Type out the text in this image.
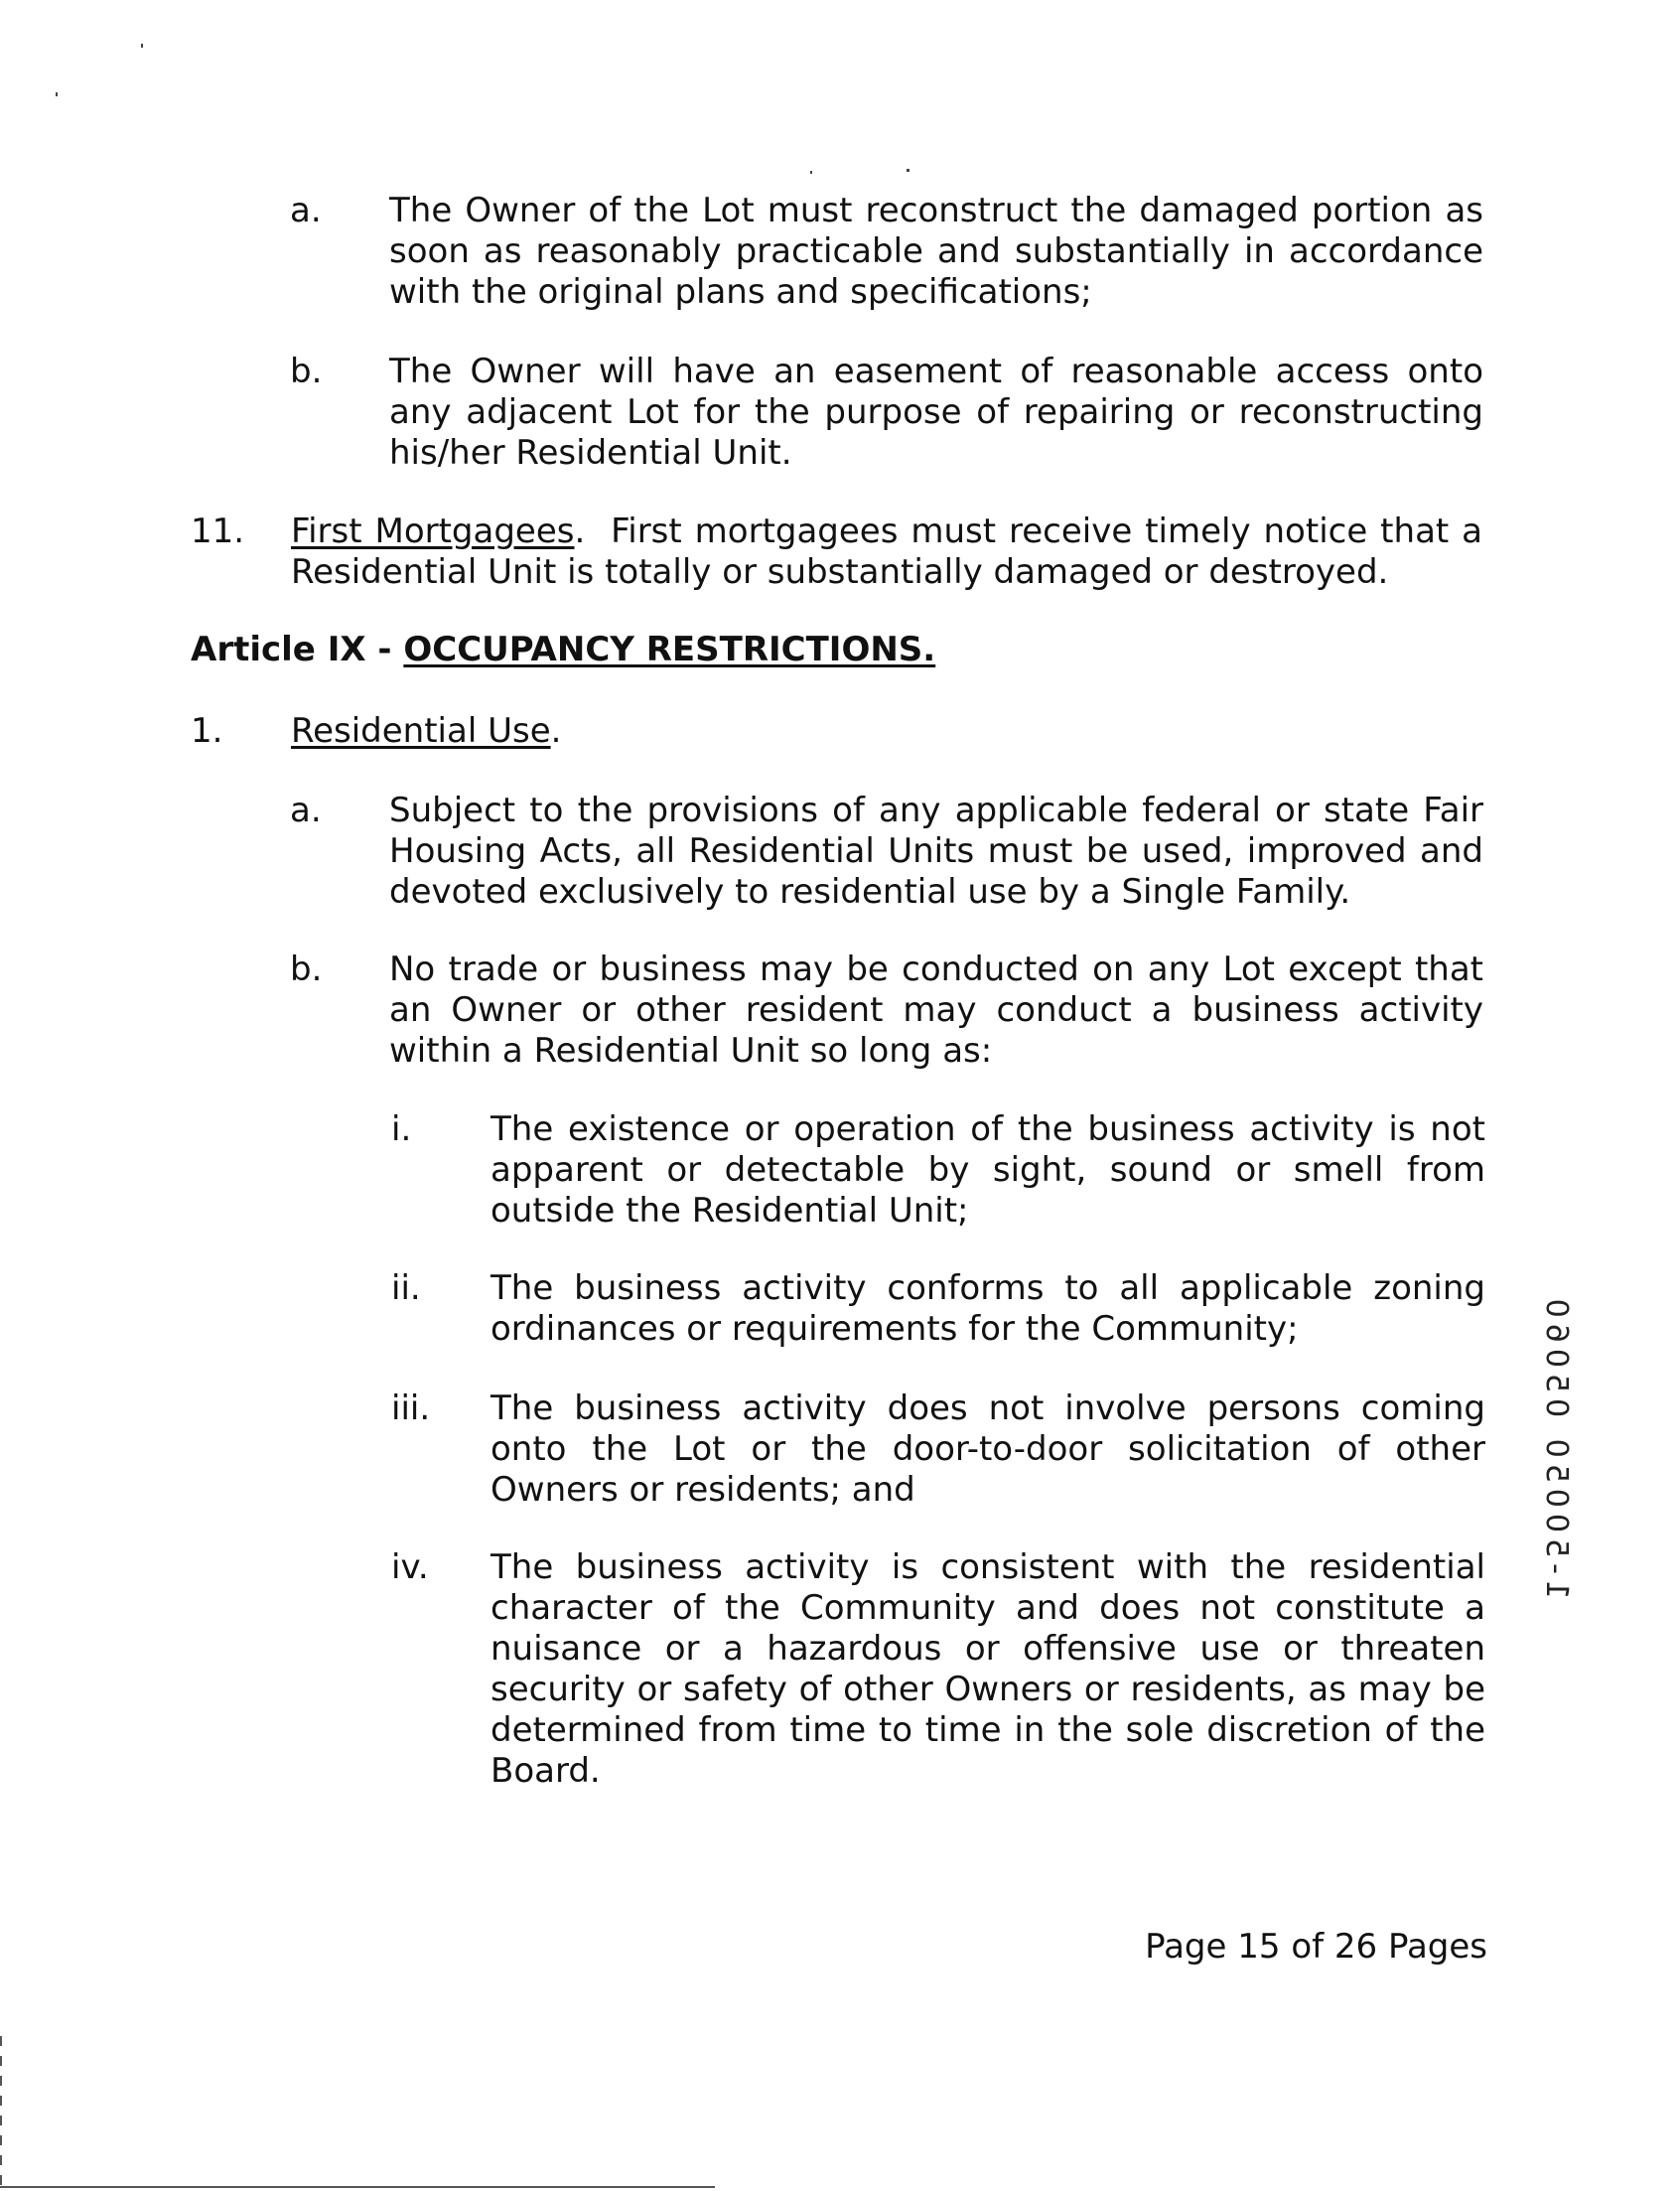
a. The Owner of the Lot must reconstruct the damaged portion as soon as reasonably practicable and substantially in accordance with the original plans and specifications;
b. The Owner will have an easement of reasonable access onto any adjacent Lot for the purpose of repairing or reconstructing his/her Residential Unit.
11. First Mortgagees. First mortgagees must receive timely notice that a Residential Unit is totally or substantially damaged or destroyed.
Article IX - OCCUPANCY RESTRICTIONS.
1. Residential Use.
a. Subject to the provisions of any applicable federal or state Fair Housing Acts, all Residential Units must be used, improved and devoted exclusively to residential use by a Single Family.
b. No trade or business may be conducted on any Lot except that an Owner or other resident may conduct a business activity within a Residential Unit so long as:
i. The existence or operation of the business activity is not apparent or detectable by sight, sound or smell from outside the Residential Unit;
ii. The business activity conforms to all applicable zoning ordinances or requirements for the Community;
iii. The business activity does not involve persons coming onto the Lot or the door-to-door solicitation of other Owners or residents; and
iv. The business activity is consistent with the residential character of the Community and does not constitute a nuisance or a hazardous or offensive use or threaten security or safety of other Owners or residents, as may be determined from time to time in the sole discretion of the Board.
1-50050 05060
Page 15 of 26 Pages
